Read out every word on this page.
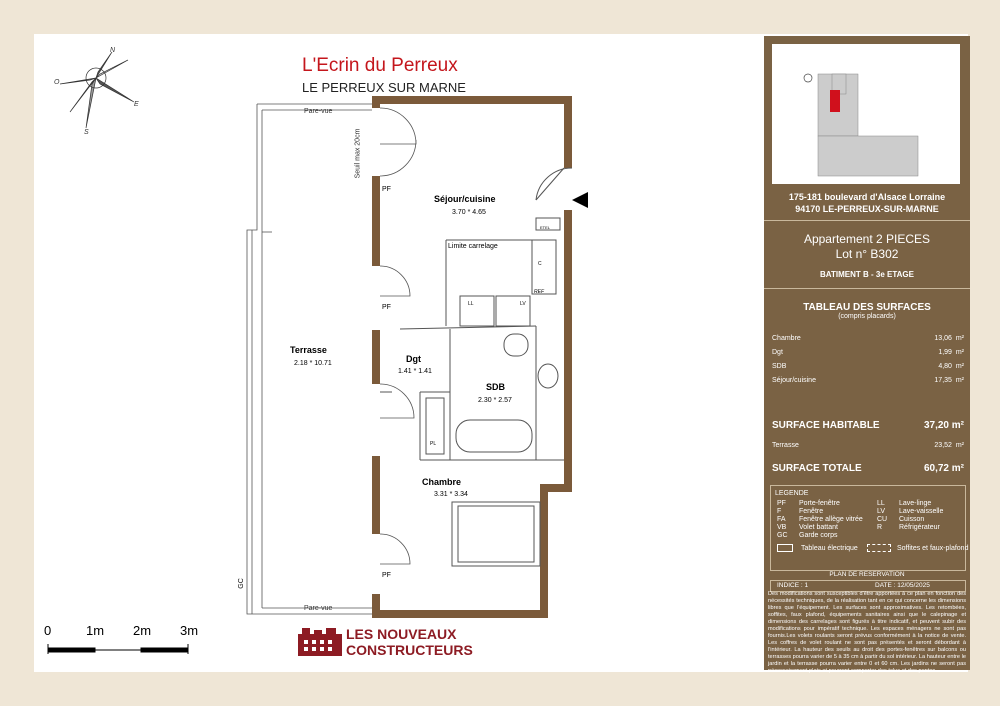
N
E
S
O
0	1m 2m 3m
L'Ecrin du Perreux
LE PERREUX SUR MARNE
Pare-vue
Pare-vue
Seuil max 20cm
PF
PF
PF
GC
Limite carrelage
LL	LV
C
REF
ETEL
PL
Séjour/cuisine
3.70 * 4.65
Terrasse
2.18 * 10.71	Dgt
1.41 * 1.41
SDB
2.30 * 2.57
Chambre
3.31 * 3.34
LES NOUVEAUX
CONSTRUCTEURS
175-181 boulevard d'Alsace Lorraine
94170 LE-PERREUX-SUR-MARNE
Appartement 2 PIECES
Lot n° B302
BATIMENT B - 3e ETAGE
TABLEAU DES SURFACES
(compris placards)
Chambre	13,06 m²
Dgt	1,99 m²
SDB	4,80 m²
Séjour/cuisine	17,35 m²
SURFACE HABITABLE	37,20 m²
Terrasse	23,52 m²
SURFACE TOTALE	60,72 m²
LEGENDE
PF Porte-fenêtre
F	Fenêtre
FA Fenêtre allège vitrée
VB Volet battant
GC Garde corps
LL Lave-linge
LV Lave-vaisselle
CU Cuisson
R Réfrigérateur
Tableau électrique	Soffites et faux-plafond
PLAN DE RESERVATION
INDICE : 1	DATE : 12/05/2025
Des modifications sont susceptibles d'être apportées à ce plan en fonction des nécessités techniques, de la réalisation tant en ce qui concerne les dimensions libres que l'équipement. Les surfaces sont approximatives. Les retombées, soffites, faux plafond, équipements sanitaires ainsi que le calepinage et dimensions des carrelages sont figurés à titre indicatif, et peuvent subir des modifications pour impératif technique. Les espaces ménagers ne sont pas fournis.Les volets roulants seront prévus conformément à la notice de vente. Les coffres de volet roulant ne sont pas présentés et seront débordant à l'intérieur. La hauteur des seuils au droit des portes-fenêtres sur balcons ou terrasses pourra varier de 5 à 35 cm à partir du sol intérieur. La hauteur entre le jardin et la terrasse pourra varier entre 0 et 60 cm. Les jardins ne seront pas nécessairement plats et pourront comporter des talus et des pentes.
